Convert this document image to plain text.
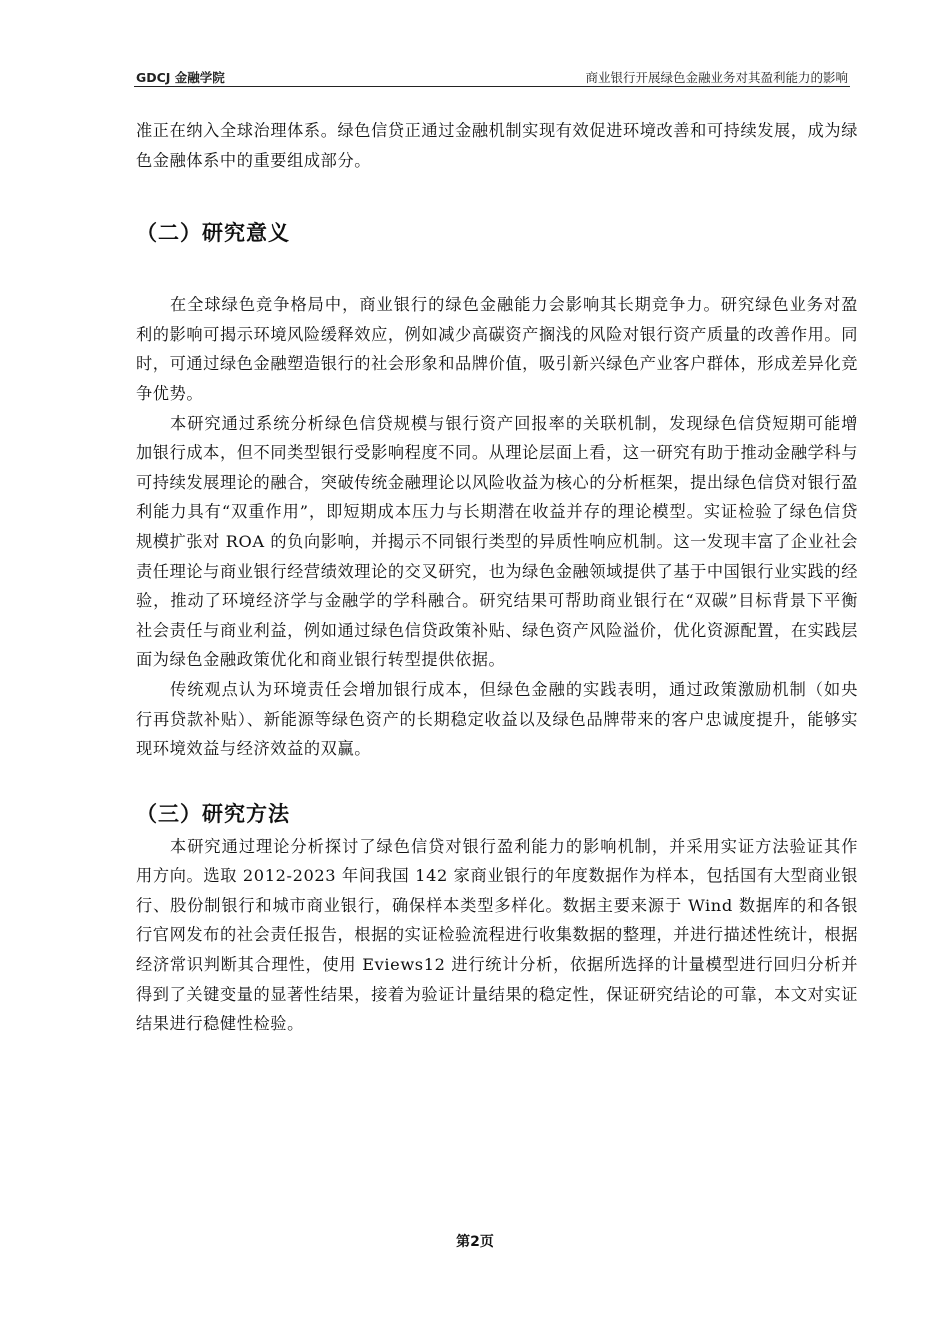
GDCJ 金融学院	商业银行开展绿色金融业务对其盈利能力的影响

准正在纳入全球治理体系。绿色信贷正通过金融机制实现有效促进环境改善和可持续发展，成为绿色金融体系中的重要组成部分。

（二）研究意义

在全球绿色竞争格局中，商业银行的绿色金融能力会影响其长期竞争力。研究绿色业务对盈利的影响可揭示环境风险缓释效应，例如减少高碳资产搁浅的风险对银行资产质量的改善作用。同时，可通过绿色金融塑造银行的社会形象和品牌价值，吸引新兴绿色产业客户群体，形成差异化竞争优势。

本研究通过系统分析绿色信贷规模与银行资产回报率的关联机制，发现绿色信贷短期可能增加银行成本，但不同类型银行受影响程度不同。从理论层面上看，这一研究有助于推动金融学科与可持续发展理论的融合，突破传统金融理论以风险收益为核心的分析框架，提出绿色信贷对银行盈利能力具有“双重作用”，即短期成本压力与长期潜在收益并存的理论模型。实证检验了绿色信贷规模扩张对 ROA 的负向影响，并揭示不同银行类型的异质性响应机制。这一发现丰富了企业社会责任理论与商业银行经营绩效理论的交叉研究，也为绿色金融领域提供了基于中国银行业实践的经验，推动了环境经济学与金融学的学科融合。研究结果可帮助商业银行在“双碳”目标背景下平衡社会责任与商业利益，例如通过绿色信贷政策补贴、绿色资产风险溢价，优化资源配置，在实践层面为绿色金融政策优化和商业银行转型提供依据。

传统观点认为环境责任会增加银行成本，但绿色金融的实践表明，通过政策激励机制（如央行再贷款补贴）、新能源等绿色资产的长期稳定收益以及绿色品牌带来的客户忠诚度提升，能够实现环境效益与经济效益的双赢。

（三）研究方法

本研究通过理论分析探讨了绿色信贷对银行盈利能力的影响机制，并采用实证方法验证其作用方向。选取 2012-2023 年间我国 142 家商业银行的年度数据作为样本，包括国有大型商业银行、股份制银行和城市商业银行，确保样本类型多样化。数据主要来源于 Wind 数据库的和各银行官网发布的社会责任报告，根据的实证检验流程进行收集数据的整理，并进行描述性统计，根据经济常识判断其合理性，使用 Eviews12 进行统计分析，依据所选择的计量模型进行回归分析并得到了关键变量的显著性结果，接着为验证计量结果的稳定性，保证研究结论的可靠，本文对实证结果进行稳健性检验。

第2页
